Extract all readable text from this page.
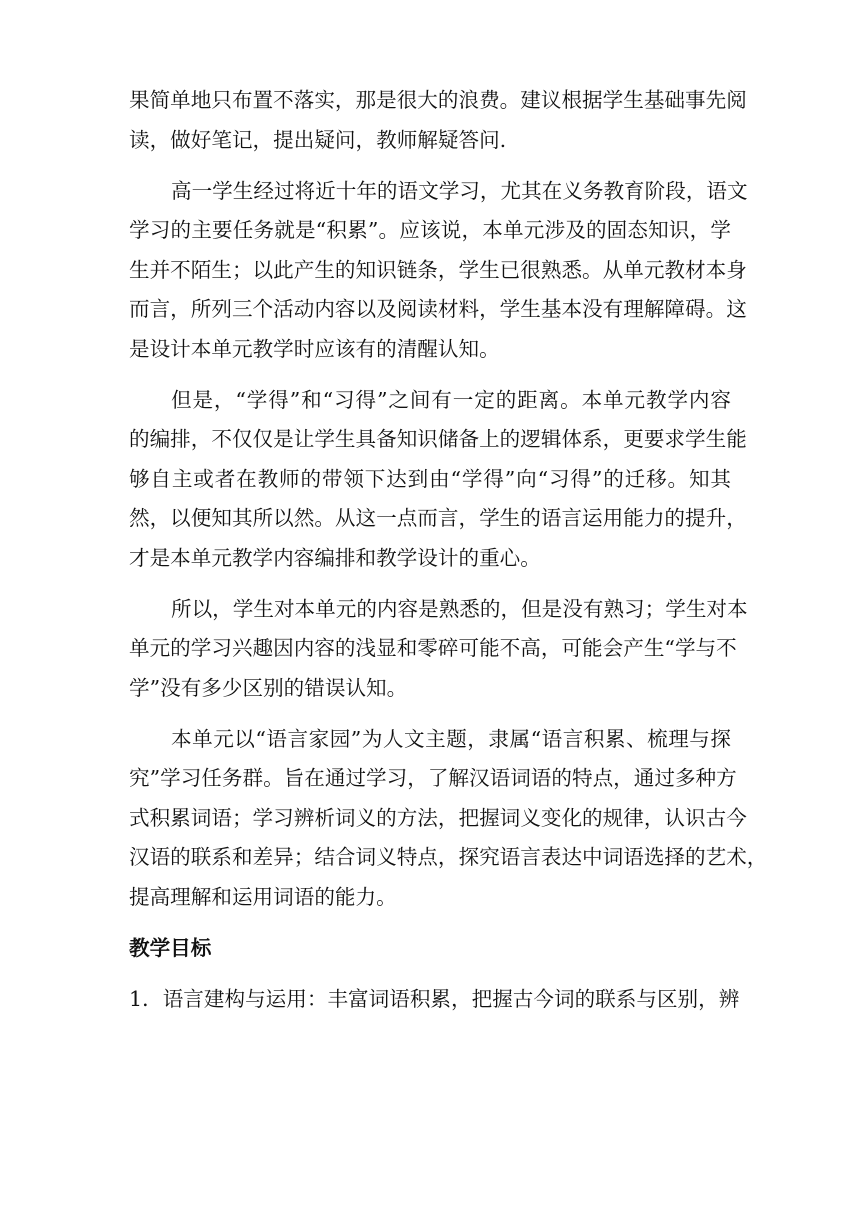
果简单地只布置不落实，那是很大的浪费。建议根据学生基础事先阅
读，做好笔记，提出疑问，教师解疑答问.
高一学生经过将近十年的语文学习，尤其在义务教育阶段，语文
学习的主要任务就是“积累”。应该说，本单元涉及的固态知识，学
生并不陌生；以此产生的知识链条，学生已很熟悉。从单元教材本身
而言，所列三个活动内容以及阅读材料，学生基本没有理解障碍。这
是设计本单元教学时应该有的清醒认知。
但是，“学得”和“习得”之间有一定的距离。本单元教学内容
的编排，不仅仅是让学生具备知识储备上的逻辑体系，更要求学生能
够自主或者在教师的带领下达到由“学得”向“习得”的迁移。知其
然，以便知其所以然。从这一点而言，学生的语言运用能力的提升，
才是本单元教学内容编排和教学设计的重心。
所以，学生对本单元的内容是熟悉的，但是没有熟习；学生对本
单元的学习兴趣因内容的浅显和零碎可能不高，可能会产生“学与不
学”没有多少区别的错误认知。
本单元以“语言家园”为人文主题，隶属“语言积累、梳理与探
究”学习任务群。旨在通过学习，了解汉语词语的特点，通过多种方
式积累词语；学习辨析词义的方法，把握词义变化的规律，认识古今
汉语的联系和差异；结合词义特点，探究语言表达中词语选择的艺术，
提高理解和运用词语的能力。
教学目标
1．语言建构与运用：丰富词语积累，把握古今词的联系与区别，辨
